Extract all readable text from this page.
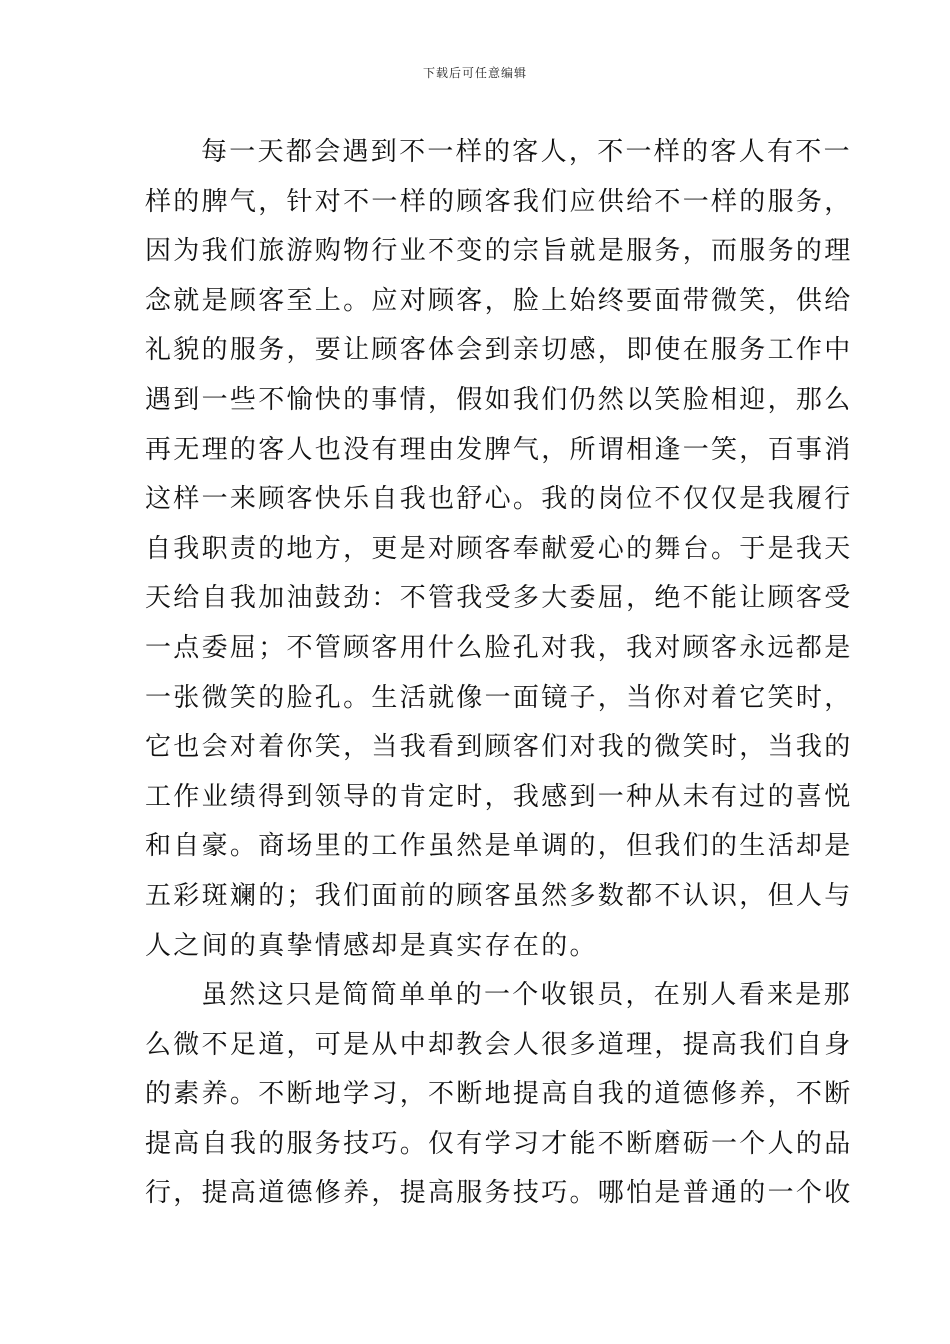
下载后可任意编辑
每一天都会遇到不一样的客人，不一样的客人有不一
样的脾气，针对不一样的顾客我们应供给不一样的服务，
因为我们旅游购物行业不变的宗旨就是服务，而服务的理
念就是顾客至上。应对顾客，脸上始终要面带微笑，供给
礼貌的服务，要让顾客体会到亲切感，即使在服务工作中
遇到一些不愉快的事情，假如我们仍然以笑脸相迎，那么
再无理的客人也没有理由发脾气，所谓相逢一笑，百事消
这样一来顾客快乐自我也舒心。我的岗位不仅仅是我履行
自我职责的地方，更是对顾客奉献爱心的舞台。于是我天
天给自我加油鼓劲：不管我受多大委屈，绝不能让顾客受
一点委屈；不管顾客用什么脸孔对我，我对顾客永远都是
一张微笑的脸孔。生活就像一面镜子，当你对着它笑时，
它也会对着你笑，当我看到顾客们对我的微笑时，当我的
工作业绩得到领导的肯定时，我感到一种从未有过的喜悦
和自豪。商场里的工作虽然是单调的，但我们的生活却是
五彩斑斓的；我们面前的顾客虽然多数都不认识，但人与
人之间的真挚情感却是真实存在的。
虽然这只是简简单单的一个收银员，在别人看来是那
么微不足道，可是从中却教会人很多道理，提高我们自身
的素养。不断地学习，不断地提高自我的道德修养，不断
提高自我的服务技巧。仅有学习才能不断磨砺一个人的品
行，提高道德修养，提高服务技巧。哪怕是普通的一个收
